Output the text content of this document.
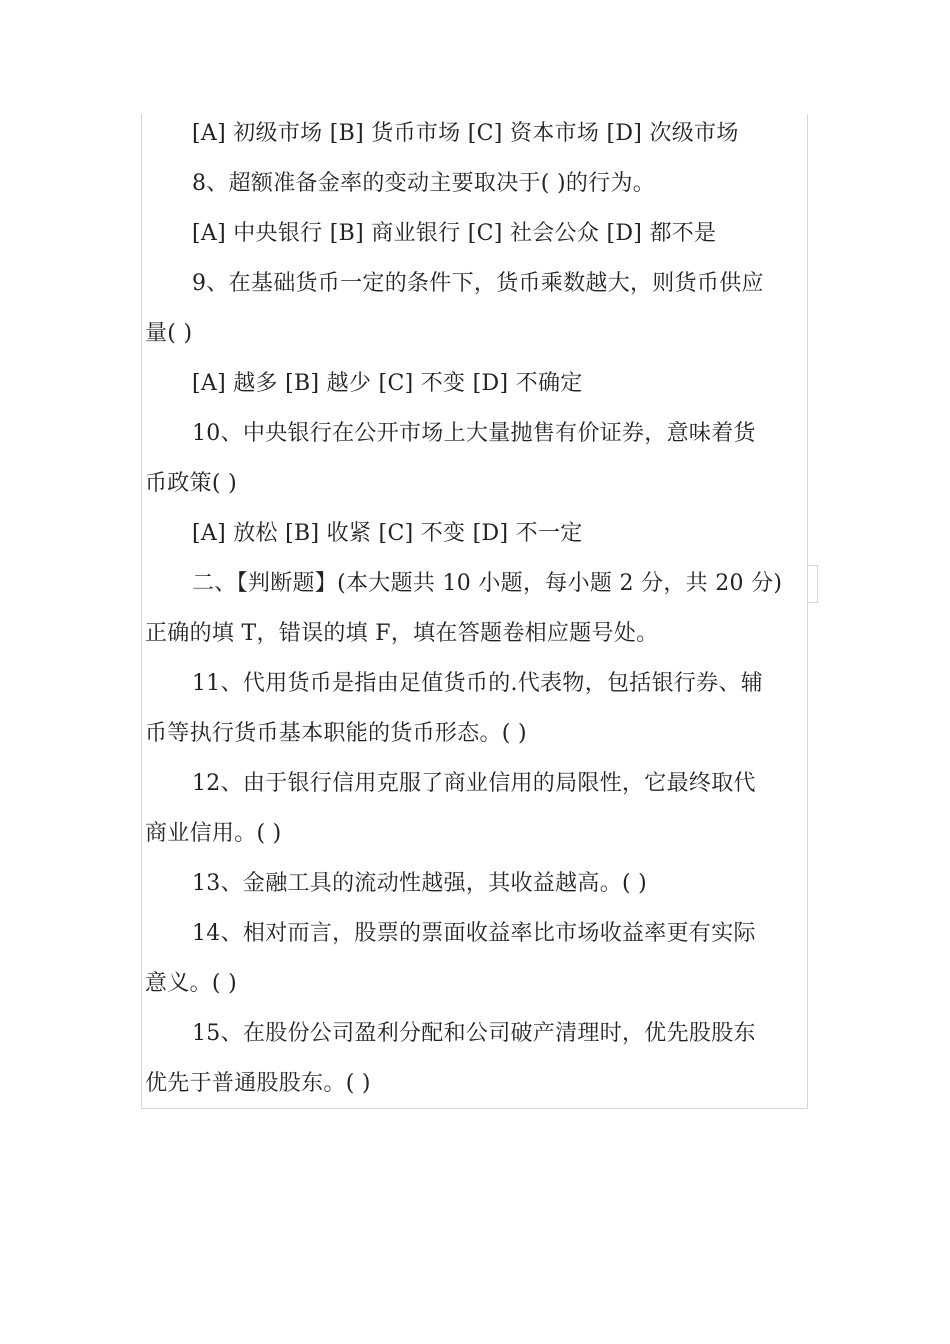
[A] 初级市场 [B] 货币市场 [C] 资本市场 [D] 次级市场
8、超额准备金率的变动主要取决于( )的行为。
[A] 中央银行 [B] 商业银行 [C] 社会公众 [D] 都不是
9、在基础货币一定的条件下，货币乘数越大，则货币供应
量( )
[A] 越多 [B] 越少 [C] 不变 [D] 不确定
10、中央银行在公开市场上大量抛售有价证券，意味着货
币政策( )
[A] 放松 [B] 收紧 [C] 不变 [D] 不一定
二、【判断题】(本大题共 10 小题，每小题 2 分，共 20 分)
正确的填 T，错误的填 F，填在答题卷相应题号处。
11、代用货币是指由足值货币的.代表物，包括银行券、辅
币等执行货币基本职能的货币形态。( )
12、由于银行信用克服了商业信用的局限性，它最终取代
商业信用。( )
13、金融工具的流动性越强，其收益越高。( )
14、相对而言，股票的票面收益率比市场收益率更有实际
意义。( )
15、在股份公司盈利分配和公司破产清理时，优先股股东
优先于普通股股东。( )
